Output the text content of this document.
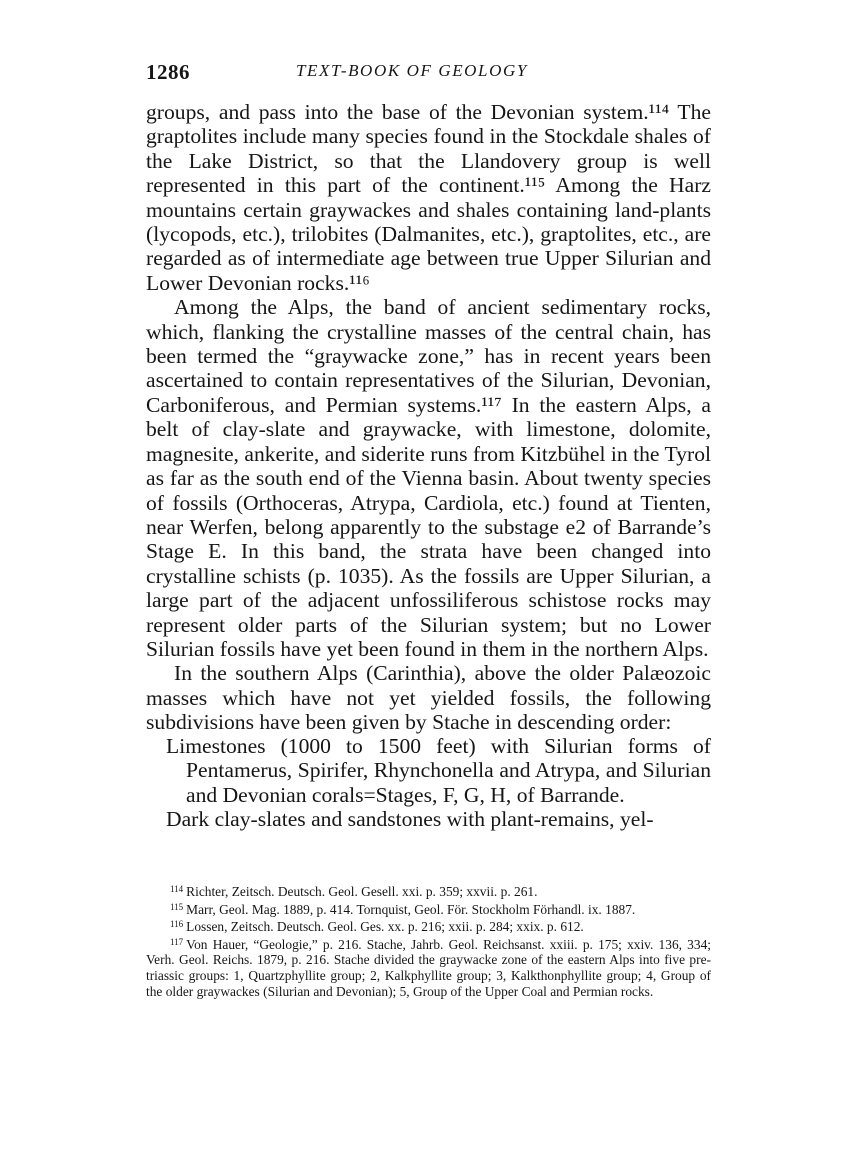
1286	TEXT-BOOK OF GEOLOGY

groups, and pass into the base of the Devonian system.¹¹⁴ The graptolites include many species found in the Stockdale shales of the Lake District, so that the Llandovery group is well represented in this part of the continent.¹¹⁵ Among the Harz mountains certain graywackes and shales containing land-plants (lycopods, etc.), trilobites (Dalmanites, etc.), graptolites, etc., are regarded as of intermediate age between true Upper Silurian and Lower Devonian rocks.¹¹⁶

Among the Alps, the band of ancient sedimentary rocks, which, flanking the crystalline masses of the central chain, has been termed the “graywacke zone,” has in recent years been ascertained to contain representatives of the Silurian, Devonian, Carboniferous, and Permian systems.¹¹⁷ In the eastern Alps, a belt of clay-slate and graywacke, with limestone, dolomite, magnesite, ankerite, and siderite runs from Kitzbühel in the Tyrol as far as the south end of the Vienna basin. About twenty species of fossils (Orthoceras, Atrypa, Cardiola, etc.) found at Tienten, near Werfen, belong apparently to the substage e2 of Barrande’s Stage E. In this band, the strata have been changed into crystalline schists (p. 1035). As the fossils are Upper Silurian, a large part of the adjacent unfossiliferous schistose rocks may represent older parts of the Silurian system; but no Lower Silurian fossils have yet been found in them in the northern Alps.

In the southern Alps (Carinthia), above the older Palæozoic masses which have not yet yielded fossils, the following subdivisions have been given by Stache in descending order:

Limestones (1000 to 1500 feet) with Silurian forms of Pentamerus, Spirifer, Rhynchonella and Atrypa, and Silurian and Devonian corals=Stages, F, G, H, of Barrande.

Dark clay-slates and sandstones with plant-remains, yel-

$^{114}$ Richter, Zeitsch. Deutsch. Geol. Gesell. xxi. p. 359; xxvii. p. 261.

$^{115}$ Marr, Geol. Mag. 1889, p. 414. Tornquist, Geol. För. Stockholm Förhandl. ix. 1887.

$^{116}$ Lossen, Zeitsch. Deutsch. Geol. Ges. xx. p. 216; xxii. p. 284; xxix. p. 612.

$^{117}$ Von Hauer, “Geologie,” p. 216. Stache, Jahrb. Geol. Reichsanst. xxiii. p. 175; xxiv. 136, 334; Verh. Geol. Reichs. 1879, p. 216. Stache divided the graywacke zone of the eastern Alps into five pre-triassic groups: 1, Quartzphyllite group; 2, Kalkphyllite group; 3, Kalkthonphyllite group; 4, Group of the older graywackes (Silurian and Devonian); 5, Group of the Upper Coal and Permian rocks.
